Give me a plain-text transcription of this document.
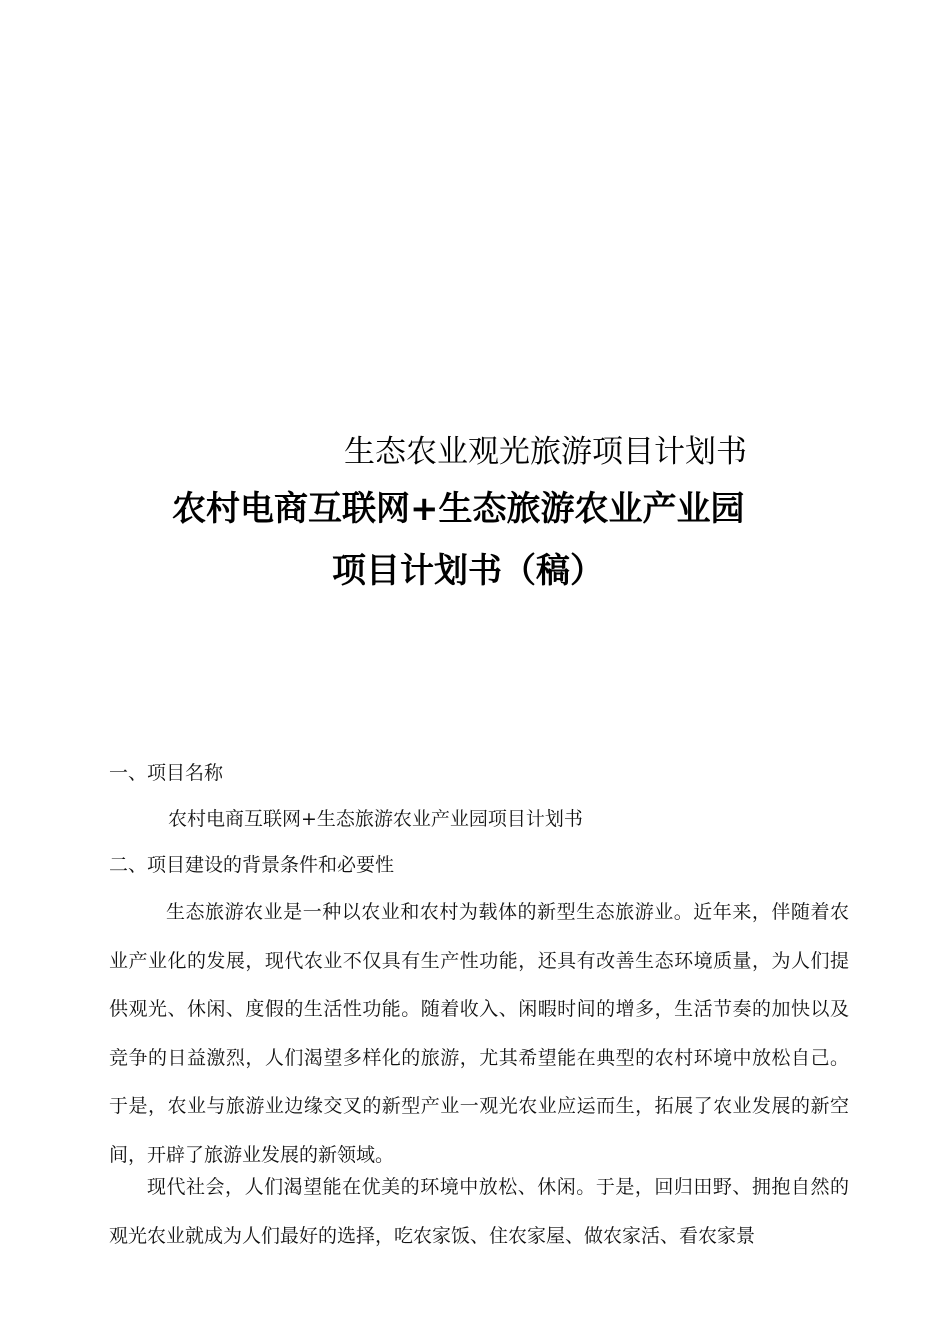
生态农业观光旅游项目计划书
农村电商互联网+生态旅游农业产业园
项目计划书（稿）
一、项目名称
农村电商互联网+生态旅游农业产业园项目计划书
二、项目建设的背景条件和必要性

生态旅游农业是一种以农业和农村为载体的新型生态旅游业。近年来，伴随着农业产业化的发展，现代农业不仅具有生产性功能，还具有改善生态环境质量，为人们提供观光、休闲、度假的生活性功能。随着收入、闲暇时间的增多，生活节奏的加快以及竞争的日益激烈，人们渴望多样化的旅游，尤其希望能在典型的农村环境中放松自己。于是，农业与旅游业边缘交叉的新型产业一观光农业应运而生，拓展了农业发展的新空间，开辟了旅游业发展的新领域。

现代社会，人们渴望能在优美的环境中放松、休闲。于是，回归田野、拥抱自然的观光农业就成为人们最好的选择，吃农家饭、住农家屋、做农家活、看农家景
